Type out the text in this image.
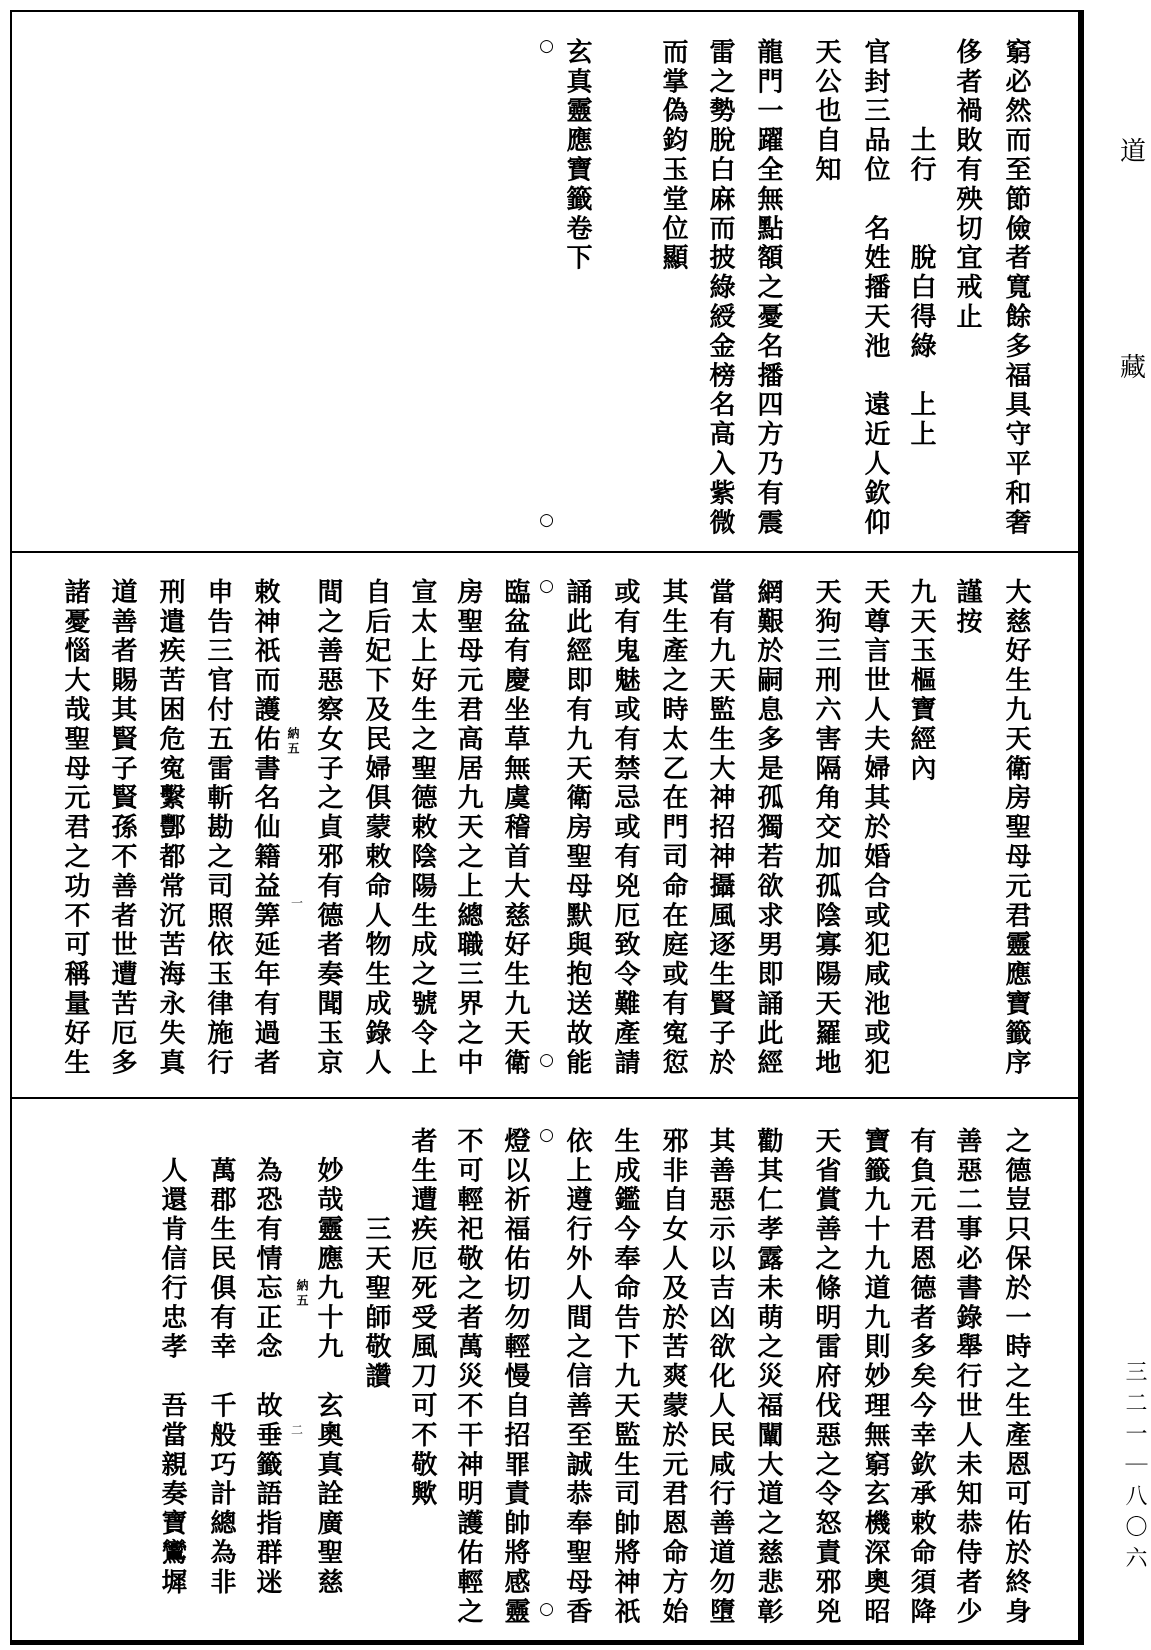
道
藏
三二一｜八〇六
窮必然而至節儉者寬餘多福具守平和奢
侈者禍敗有殃切宜戒止
　　　土行　　脫白得綠　上上
官封三品位　名姓播天池　遠近人欽仰
天公也自知
龍門一躍全無點額之憂名播四方乃有震
雷之勢脫白麻而披綠綬金榜名高入紫微
而掌偽鈞玉堂位顯
玄真靈應寶籤卷下
○
○
大慈好生九天衛房聖母元君靈應寶籤序
謹按
九天玉樞寶經內
天尊言世人夫婦其於婚合或犯咸池或犯
天狗三刑六害隔角交加孤陰寡陽天羅地
網艱於嗣息多是孤獨若欲求男即誦此經
當有九天監生大神招神攝風逐生賢子於
其生產之時太乙在門司命在庭或有寃愆
或有鬼魅或有禁忌或有兇厄致令難產請
誦此經即有九天衛房聖母默與抱送故能
臨盆有慶坐草無虞稽首大慈好生九天衛
房聖母元君高居九天之上總職三界之中
宣太上好生之聖德敕陰陽生成之號令上
自后妃下及民婦俱蒙敕命人物生成錄人
間之善惡察女子之貞邪有德者奏聞玉京
敕神祇而護佑書名仙籍益筭延年有過者
申告三官付五雷斬勘之司照依玉律施行
刑遣疾苦困危寃繫酆都常沉苦海永失真
道善者賜其賢子賢孫不善者世遭苦厄多
諸憂惱大哉聖母元君之功不可稱量好生	○
○
納五
一
之德豈只保於一時之生產恩可佑於終身
善惡二事必書錄舉行世人未知恭侍者少
有負元君恩德者多矣今幸欽承敕命須降
寶籤九十九道九則妙理無窮玄機深奧昭
天省賞善之條明雷府伐惡之令怒責邪兇
勸其仁孝露未萌之災福闡大道之慈悲彰
其善惡示以吉凶欲化人民咸行善道勿墮
邪非自女人及於苦爽蒙於元君恩命方始
生成鑑今奉命告下九天監生司帥將神祇
依上遵行外人間之信善至誠恭奉聖母香
燈以祈福佑切勿輕慢自招罪責帥將感靈
不可輕祀敬之者萬災不干神明護佑輕之
者生遭疾厄死受風刀可不敬歟
　　　三天聖師敬讚
　妙哉靈應九十九　玄奧真詮廣聖慈
　為恐有情忘正念　故垂籤語指群迷
　萬郡生民俱有幸　千般巧計總為非
　人還肯信行忠孝　吾當親奏寶鸞墀	○
○
納五
二
